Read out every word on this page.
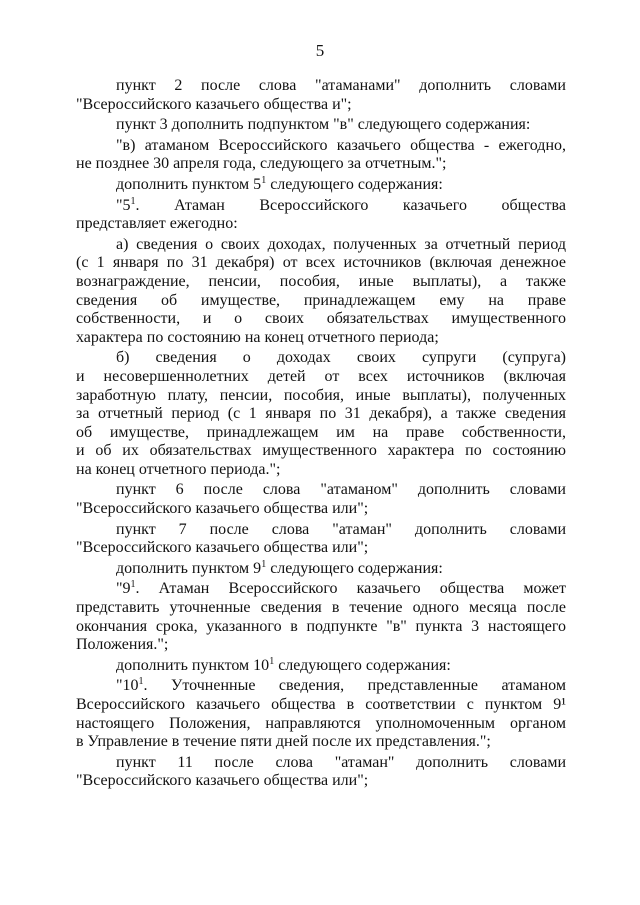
5
пункт 2 после слова "атаманами" дополнить словами
"Всероссийского казачьего общества и";
пункт 3 дополнить подпунктом "в" следующего содержания:
"в) атаманом Всероссийского казачьего общества - ежегодно,
не позднее 30 апреля года, следующего за отчетным.";
дополнить пунктом $5^1$ следующего содержания:
"$5^1$. Атаман Всероссийского казачьего общества
представляет ежегодно:
а) сведения о своих доходах, полученных за отчетный период
(с 1 января по 31 декабря) от всех источников (включая денежное
вознаграждение, пенсии, пособия, иные выплаты), а также
сведения об имуществе, принадлежащем ему на праве
собственности, и о своих обязательствах имущественного
характера по состоянию на конец отчетного периода;
б) сведения о доходах своих супруги (супруга)
и несовершеннолетних детей от всех источников (включая
заработную плату, пенсии, пособия, иные выплаты), полученных
за отчетный период (с 1 января по 31 декабря), а также сведения
об имуществе, принадлежащем им на праве собственности,
и об их обязательствах имущественного характера по состоянию
на конец отчетного периода.";
пункт 6 после слова "атаманом" дополнить словами
"Всероссийского казачьего общества или";
пункт 7 после слова "атаман" дополнить словами
"Всероссийского казачьего общества или";
дополнить пунктом $9^1$ следующего содержания:
"$9^1$. Атаман Всероссийского казачьего общества может
представить уточненные сведения в течение одного месяца после
окончания срока, указанного в подпункте "в" пункта 3 настоящего
Положения.";
дополнить пунктом $10^1$ следующего содержания:
"$10^1$. Уточненные сведения, представленные атаманом
Всероссийского казачьего общества в соответствии с пунктом 9¹
настоящего Положения, направляются уполномоченным органом
в Управление в течение пяти дней после их представления.";
пункт 11 после слова "атаман" дополнить словами
"Всероссийского казачьего общества или";
